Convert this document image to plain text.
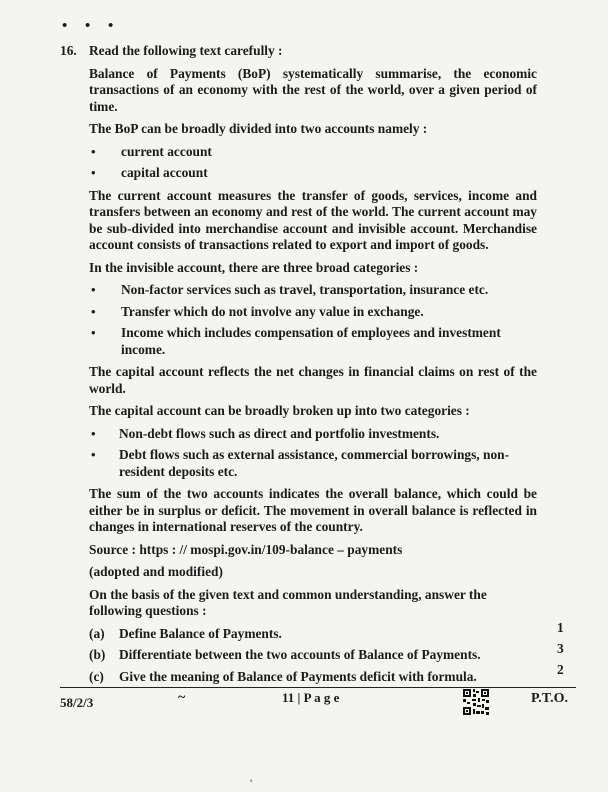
• • •
16. Read the following text carefully :

Balance of Payments (BoP) systematically summarise, the economic transactions of an economy with the rest of the world, over a given period of time.

The BoP can be broadly divided into two accounts namely :

• current account
• capital account

The current account measures the transfer of goods, services, income and transfers between an economy and rest of the world. The current account may be sub-divided into merchandise account and invisible account. Merchandise account consists of transactions related to export and import of goods.

In the invisible account, there are three broad categories :

• Non-factor services such as travel, transportation, insurance etc.
• Transfer which do not involve any value in exchange.
• Income which includes compensation of employees and investment income.

The capital account reflects the net changes in financial claims on rest of the world.

The capital account can be broadly broken up into two categories :

• Non-debt flows such as direct and portfolio investments.
• Debt flows such as external assistance, commercial borrowings, non-resident deposits etc.

The sum of the two accounts indicates the overall balance, which could be either be in surplus or deficit. The movement in overall balance is reflected in changes in international reserves of the country.

Source : https : // mospi.gov.in/109-balance – payments

(adopted and modified)

On the basis of the given text and common understanding, answer the following questions :

(a) Define Balance of Payments.
(b) Differentiate between the two accounts of Balance of Payments.
(c) Give the meaning of Balance of Payments deficit with formula.
1
3
2
58/2/3	~	11 | P a g e	P.T.O.
'
